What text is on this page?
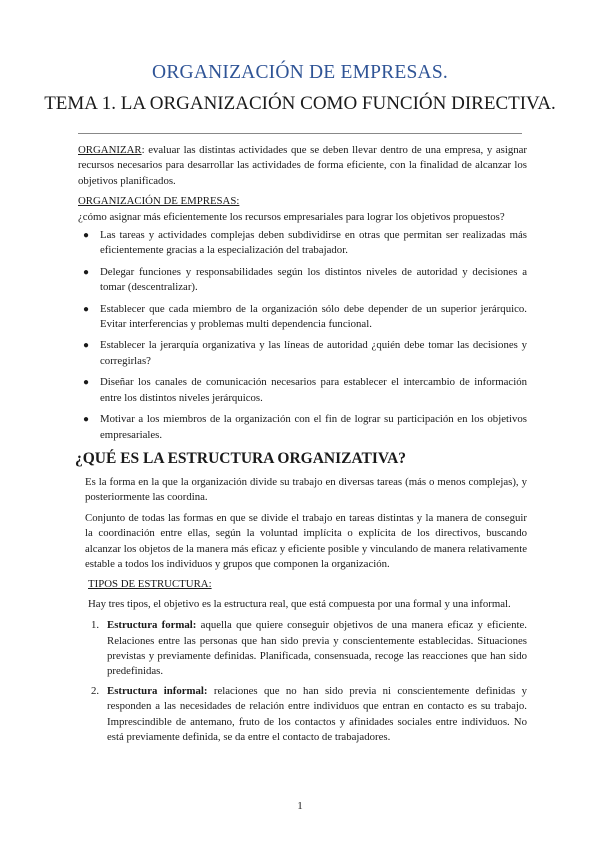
ORGANIZACIÓN DE EMPRESAS.
TEMA 1. LA ORGANIZACIÓN COMO FUNCIÓN DIRECTIVA.

ORGANIZAR: evaluar las distintas actividades que se deben llevar dentro de una empresa, y asignar recursos necesarios para desarrollar las actividades de forma eficiente, con la finalidad de alcanzar los objetivos planificados.

ORGANIZACIÓN DE EMPRESAS:

¿cómo asignar más eficientemente los recursos empresariales para lograr los objetivos propuestos?

● Las tareas y actividades complejas deben subdividirse en otras que permitan ser realizadas más eficientemente gracias a la especialización del trabajador.
● Delegar funciones y responsabilidades según los distintos niveles de autoridad y decisiones a tomar (descentralizar).
● Establecer que cada miembro de la organización sólo debe depender de un superior jerárquico. Evitar interferencias y problemas multi dependencia funcional.
● Establecer la jerarquía organizativa y las líneas de autoridad ¿quién debe tomar las decisiones y corregirlas?
● Diseñar los canales de comunicación necesarios para establecer el intercambio de información entre los distintos niveles jerárquicos.
● Motivar a los miembros de la organización con el fin de lograr su participación en los objetivos empresariales.
¿QUÉ ES LA ESTRUCTURA ORGANIZATIVA?

Es la forma en la que la organización divide su trabajo en diversas tareas (más o menos complejas), y posteriormente las coordina.

Conjunto de todas las formas en que se divide el trabajo en tareas distintas y la manera de conseguir la coordinación entre ellas, según la voluntad implícita o explícita de los directivos, buscando alcanzar los objetos de la manera más eficaz y eficiente posible y vinculando de manera relativamente estable a todos los individuos y grupos que componen la organización.

TIPOS DE ESTRUCTURA:

Hay tres tipos, el objetivo es la estructura real, que está compuesta por una formal y una informal.

1. Estructura formal: aquella que quiere conseguir objetivos de una manera eficaz y eficiente. Relaciones entre las personas que han sido previa y conscientemente establecidas. Situaciones previstas y previamente definidas. Planificada, consensuada, recoge las reacciones que han sido predefinidas.
2. Estructura informal: relaciones que no han sido previa ni conscientemente definidas y responden a las necesidades de relación entre individuos que entran en contacto es su trabajo. Imprescindible de antemano, fruto de los contactos y afinidades sociales entre individuos. No está previamente definida, se da entre el contacto de trabajadores.
1
